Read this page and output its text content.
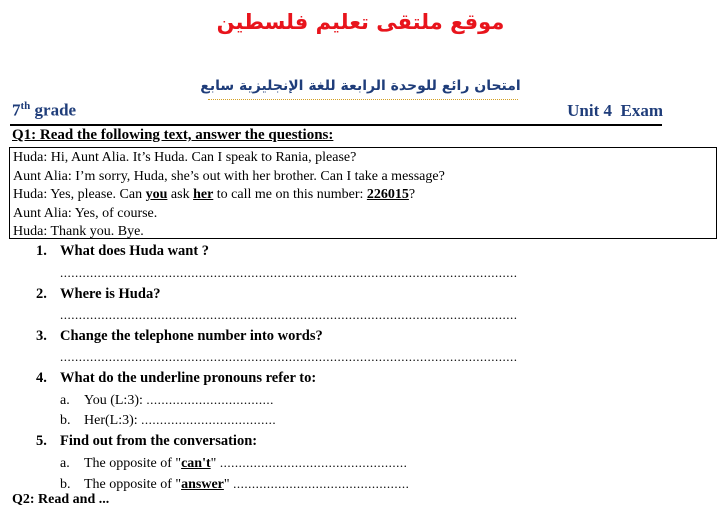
موقع ملتقى تعليم فلسطين
امتحان رائع للوحدة الرابعة للغة الإنجليزية سابع
7th grade	Unit 4  Exam
Q1: Read the following text, answer the questions:
Huda: Hi, Aunt Alia. It’s Huda. Can I speak to Rania, please?
Aunt Alia: I’m sorry, Huda, she’s out with her brother. Can I take a message?
Huda: Yes, please. Can you ask her to call me on this number: 226015?
Aunt Alia: Yes, of course.
Huda: Thank you. Bye.
1. What does Huda want ?
..........................................................................................................................
2. Where is Huda?
..........................................................................................................................
3. Change the telephone number into words?
..........................................................................................................................
4. What do the underline pronouns refer to:
a. You (L:3): ..................................
b. Her(L:3): ....................................
5. Find out from the conversation:
a. The opposite of "can't" ..................................................
b. The opposite of "answer" ...............................................
Q2: Read and ...
